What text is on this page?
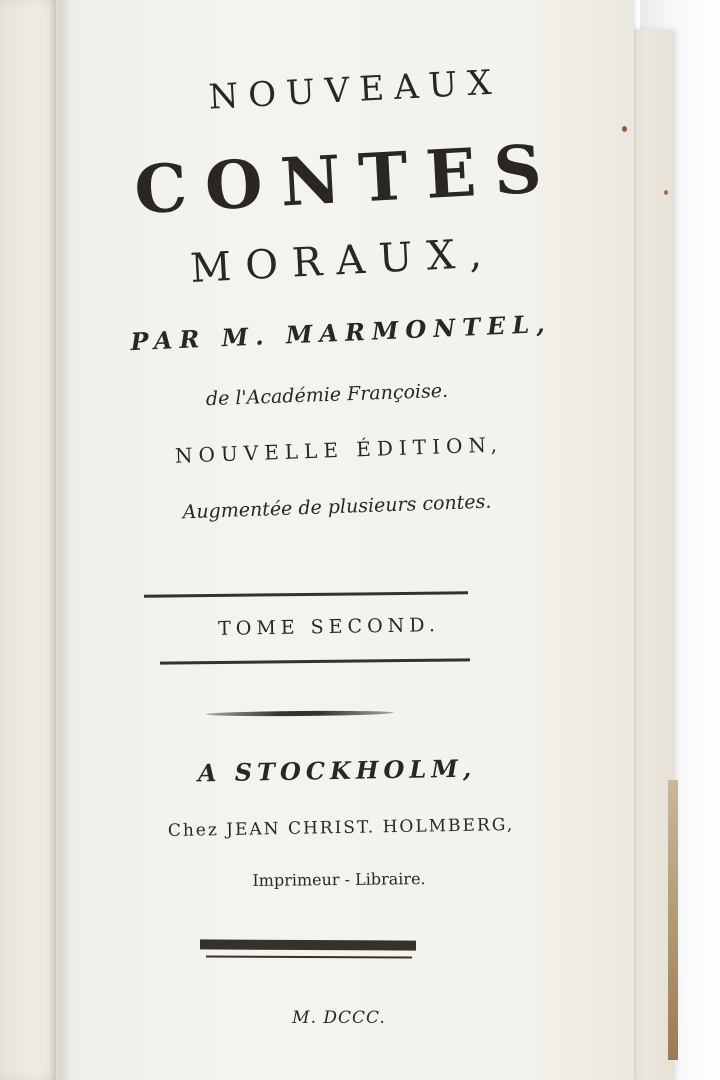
NOUVEAUX
CONTES
MORAUX,
PAR M. MARMONTEL,
de l'Académie Françoise.
NOUVELLE ÉDITION,
Augmentée de plusieurs contes.
TOME SECOND.
A STOCKHOLM,
Chez JEAN CHRIST. HOLMBERG,
Imprimeur - Libraire.
M. DCCC.
